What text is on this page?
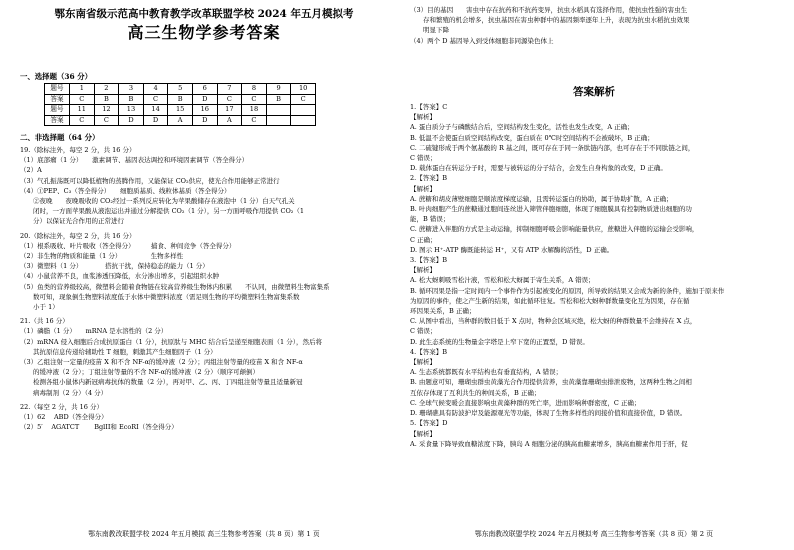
鄂东南省级示范高中教育教学改革联盟学校 2024 年五月模拟考
高三生物学参考答案
一、选择题（36 分）
题号	1	2	3	4	5	6	7	8	9	10
答案	C	B	B	C	B	D	C	C	B	C
题号	11	12	13	14	15	16	17	18		
答案	C	C	D	D	A	D	A	C		
二、非选择题（64 分）
19.（除标注外，每空 2 分，共 16 分）
（1）底部瘤（1 分）　　激素调节、基因表达调控和环境因素调节（答全得分）
（2）A
（3）气孔振荡既可以降低植物的蒸腾作用，又能保证 CO₂供应，使光合作用能够正常进行
（4）①PEP、C₃（答全得分）　　细胞质基质、线粒体基质（答全得分）
　　②夜晚　　夜晚吸收的 CO₂经过一系列反应转化为苹果酸储存在液泡中（1 分）白天气孔关
　　闭时，一方面苹果酸从液泡运出并通过分解提供 CO₂（1 分），另一方面呼吸作用提供 CO₂（1
　　分）以保证光合作用的正常进行
20.（除标注外，每空 2 分，共 16 分）
（1）根系吸收、叶片吸收（答全得分）　　　捕食、种间竞争（答全得分）
（2）非生物的物质和能量（1 分）　　　　　生物多样性
（3）微塑料（1 分）　　　　搭抗干扰，保持稳态的能力（1 分）
（4）小鼠营养不良，血浆渗透压降低，水分渗出增多，引起组织水肿
（5）鱼类的营养级较高，微塑料会随着食物链在较高营养级生物体内积累　　不认同，由微塑料生物富集系
　　数可知，现象倒生物塑料浓度低于水体中微塑料浓度（需足则生物的平均微塑料生物富集系数
　　小于 1）
21.（共 16 分）
（1）磷脂（1 分）　　mRNA 是水溶性的（2 分）
（2）mRNA 侵入细胞后合成抗原蛋白（1 分），抗原肽与 MHC 结合后呈递至细胞表面（1 分），然后将
　　其抗原信息传递给辅助性 T 细胞，刺激其产生细胞因子（1 分）
（3）乙组注射一定量的疫苗 X 和不含 NF-α的缓冲液（2 分）；丙组注射等量的疫苗 X 和含 NF-α
　　的缓冲液（2 分）；丁组注射等量的不含 NF-α的缓冲液（2 分）（顺序可颠倒）
　　检测各组小鼠体内新冠病毒抗体的数量（2 分），再对甲、乙、丙、丁四组注射等量且适量新冠
　　病毒制剂（2 分）（4 分）
22.（每空 2 分，共 16 分）
（1）62　 ABD（答全得分）
（2）5′　 AGATCT　　 BglII和 EcoRI（答全得分）
鄂东南教改联盟学校 2024 年五月模拟 高三生物参考答案（共 8 页）第 1 页
（3）目的基因　　害虫中存在抗药和不抗药变异，抗虫水稻具有选择作用，使抗虫性强的害虫生
　　存和繁殖的机会增多，抗虫基因在害虫种群中的基因频率逐年上升，表现为抗虫水稻抗虫效果
　　明显下降
（4）两个 D 基因导入到受体细胞非同源染色体上
答案解析
1.【答案】C
【解析】
A. 蛋白质分子与磷酸结合后，空间结构发生变化，活性也发生改变，A 正确；
B. 低温不会使蛋白质空间结构改变，蛋白质在 0℃时空间结构不会被破坏，B 正确；
C. 二硫键形成于两个氨基酸的 R 基之间，既可存在于同一条肽链内部，也可存在于不同肽链之间，
C 错误；
D. 载体蛋白在转运分子时，需要与被转运的分子结合，会发生自身构象的改变，D 正确。
2.【答案】B
【解析】
A. 蔗糖和胡皮薄壁细胞是顺浓度梯度运输，且需转运蛋白的协助，属于协助扩散，A 正确；
B. 叶肉细胞产生的蔗糖通过胞间连丝进入筛管伴胞细胞，体现了细胞膜具有控制物质进出细胞的功
能，B 错误；
C. 蔗糖进入伴胞的方式是主动运输，抑制细胞呼吸会影响能量供应，蔗糖进入伴胞的运输会受影响，
C 正确；
D. 图示 H⁺-ATP 酶既能转运 H⁺，又有 ATP 水解酶的活性，D 正确。
3.【答案】B
【解析】
A. 松大蚜刺吸雪松汁液，雪松和松大蚜属于寄生关系，A 错误；
B. 循环因果是指一定时间内一个事件作为引起被变化的原因，所导致的结果又会成为新的条件，施加于原来作
为原因的事件，使之产生新的结果，如此循环往复。雪松和松大蚜种群数量变化互为因果，存在循
环因果关系，B 正确；
C. 从图中看出，当种群的数目低于 X 点时，物种会区域灭绝，松大蚜的种群数量不会维持在 X 点，
C 错误；
D. 此生态系统的生物量金字塔是上窄下宽的正置型，D 错误。
4.【答案】B
【解析】
A. 生态系统都既有水平结构也有垂直结构，A 错误；
B. 由题意可知，珊瑚虫群虫黄藻光合作用提供营养，虫黄藻靠珊瑚虫排泄废物，这两种生物之间相
互依存体现了互利共生的种间关系，B 正确；
C. 全球气候变暖会直接影响虫黄藻种群的死亡率，进而影响种群密度，C 正确；
D. 珊瑚礁具有防波护岸及能源观光等功能，体现了生物多样性的间接价值和直接价值，D 错误。
5.【答案】D
【解析】
A. 采食量下降导致血糖浓度下降，胰岛 A 细胞分泌的胰高血糖素增多，胰高血糖素作用于肝，促
鄂东南教改联盟学校 2024 年五月模拟考 高三生物参考答案（共 8 页）第 2 页
